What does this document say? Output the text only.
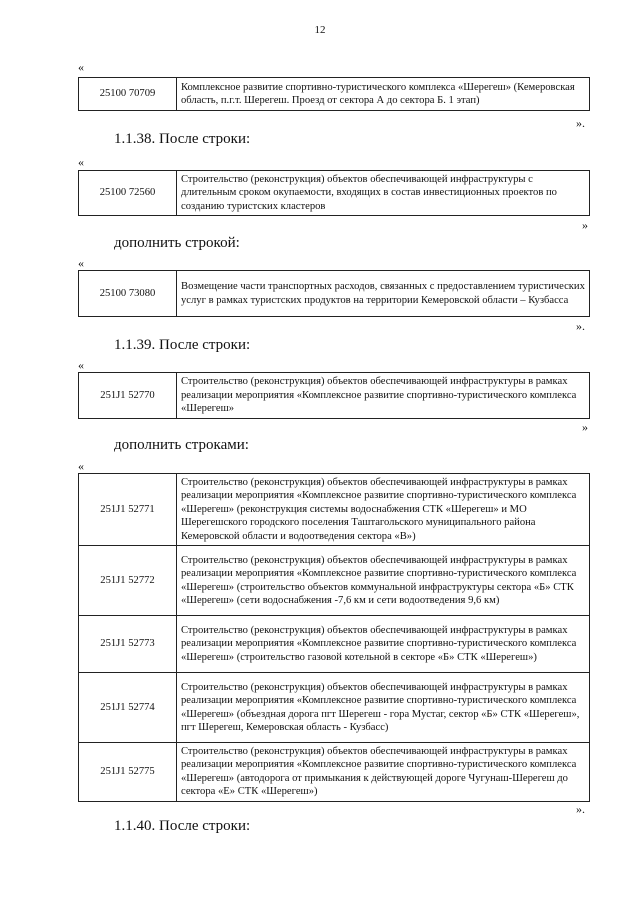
12
«
25100 70709	Комплексное развитие спортивно-туристического комплекса «Шерегеш» (Кемеровская область, п.г.т. Шерегеш. Проезд от сектора А до сектора Б. 1 этап)
».
1.1.38. После строки:
«
25100 72560	Строительство (реконструкция) объектов обеспечивающей инфраструктуры с длительным сроком окупаемости, входящих в состав инвестиционных проектов по созданию туристских кластеров
»
дополнить строкой:
«
25100 73080	Возмещение части транспортных расходов, связанных с предоставлением туристических услуг в рамках туристских продуктов на территории Кемеровской области – Кузбасса
».
1.1.39. После строки:
«
251J1 52770	Строительство (реконструкция) объектов обеспечивающей инфраструктуры в рамках реализации мероприятия «Комплексное развитие спортивно-туристического комплекса «Шерегеш»
»
дополнить строками:
«
251J1 52771	Строительство (реконструкция) объектов обеспечивающей инфраструктуры в рамках реализации мероприятия «Комплексное развитие спортивно-туристического комплекса «Шерегеш» (реконструкция системы водоснабжения СТК «Шерегеш» и МО Шерегешского городского поселения Таштагольского муниципального района Кемеровской области и водоотведения сектора «В»)
251J1 52772	Строительство (реконструкция) объектов обеспечивающей инфраструктуры в рамках реализации мероприятия «Комплексное развитие спортивно-туристического комплекса «Шерегеш» (строительство объектов коммунальной инфраструктуры сектора «Б» СТК «Шерегеш» (сети водоснабжения -7,6 км и сети водоотведения 9,6 км)
251J1 52773	Строительство (реконструкция) объектов обеспечивающей инфраструктуры в рамках реализации мероприятия «Комплексное развитие спортивно-туристического комплекса «Шерегеш» (строительство газовой котельной в секторе «Б» СТК «Шерегеш»)
251J1 52774	Строительство (реконструкция) объектов обеспечивающей инфраструктуры в рамках реализации мероприятия «Комплексное развитие спортивно-туристического комплекса «Шерегеш» (объездная дорога пгт Шерегеш - гора Мустаг, сектор «Б» СТК «Шерегеш», пгт Шерегеш, Кемеровская область - Кузбасс)
251J1 52775	Строительство (реконструкция) объектов обеспечивающей инфраструктуры в рамках реализации мероприятия «Комплексное развитие спортивно-туристического комплекса «Шерегеш» (автодорога от примыкания к действующей дороге Чугунаш-Шерегеш до сектора «Е» СТК «Шерегеш»)
».
1.1.40. После строки:
